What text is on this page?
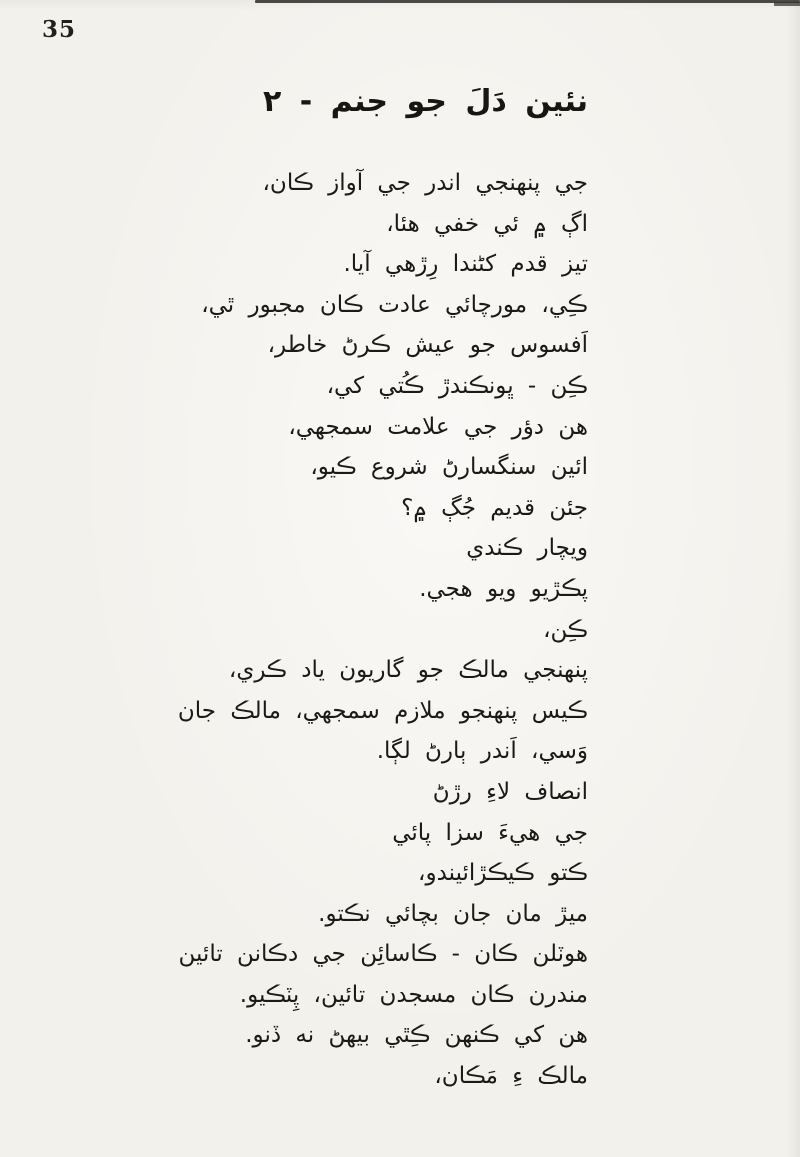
35
نئين دَلَ جو جنم - ٢

جي پنهنجي اندر جي آواز ڪان،

اڳ ۾ ئي خفي هئا،

تيز قدم کڻندا رِڙهي آيا.

ڪِي، مورچائي عادت ڪان مجبور ٿي،

اَفسوس جو عيش ڪرڻ خاطر،

ڪِن - ڀونڪندڙ ڪُتي کي،

هن دؤر جي علامت سمجهي،

ائين سنگسارڻ شروع ڪيو،

جئن قديم جُڳ ۾؟

ويچار ڪندي

پڪڙيو ويو هجي.

ڪِن،

پنهنجي مالڪ جو گاريون ياد ڪري،

ڪيس پنهنجو ملازم سمجهي، مالڪ جان

وَسي، اَندر ٻارڻ لڳا.

انصاف لاءِ رڙڻ

جي هيءَ سزا پائي

ڪتو ڪيڪڙائيندو،

ميڙ مان جان بچائي نڪتو.

هوٽلن ڪان - ڪاسائِن جي دڪانن تائين

مندرن ڪان مسجدن تائين، پِٽڪيو.

هن کي ڪنهن ڪِٿي بيهڻ نه ڏنو.

مالڪ ءِ مَڪان،
